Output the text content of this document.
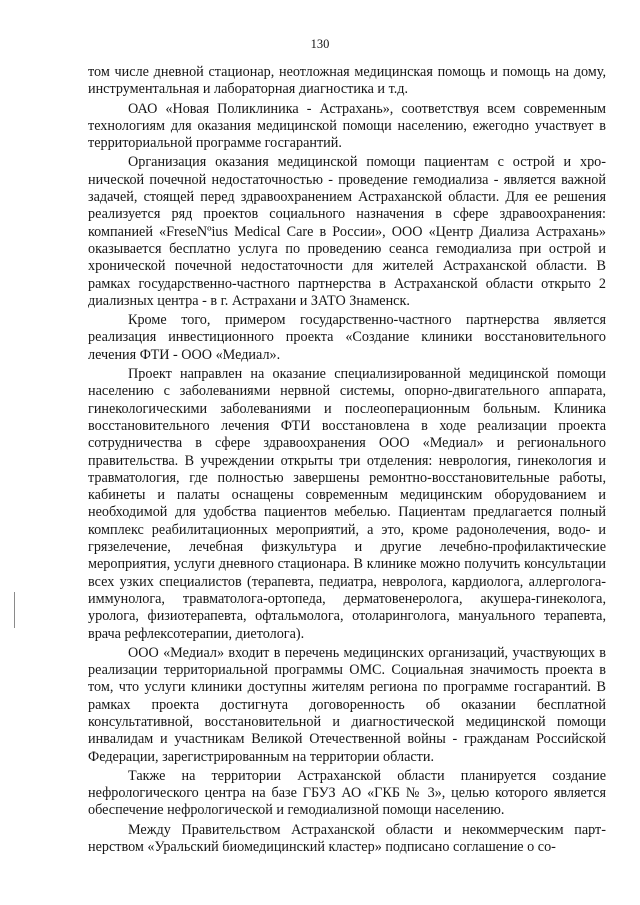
130

том числе дневной стационар, неотложная медицинская помощь и помощь на дому, инструментальная и лабораторная диагностика и т.д.

ОАО «Новая Поликлиника - Астрахань», соответствуя всем современным технологиям для оказания медицинской помощи населению, ежегодно участвует в территориальной программе госгарантий.

Организация оказания медицинской помощи пациентам с острой и хронической почечной недостаточностью - проведение гемодиализа - является важной задачей, стоящей перед здравоохранением Астраханской области. Для ее решения реализуется ряд проектов социального назначения в сфере здравоохранения: компанией «FreseNºius Medical Care в России», ООО «Центр Диализа Астрахань» оказывается бесплатно услуга по проведению сеанса гемодиализа при острой и хронической почечной недостаточности для жителей Астраханской области. В рамках государственно-частного партнерства в Астраханской области открыто 2 диализных центра - в г. Астрахани и ЗАТО Знаменск.

Кроме того, примером государственно-частного партнерства является реализация инвестиционного проекта «Создание клиники восстановительного лечения ФТИ - ООО «Медиал».

Проект направлен на оказание специализированной медицинской помощи населению с заболеваниями нервной системы, опорно-двигательного аппарата, гинекологическими заболеваниями и послеоперационным больным. Клиника восстановительного лечения ФТИ восстановлена в ходе реализации проекта сотрудничества в сфере здравоохранения ООО «Медиал» и регионального правительства. В учреждении открыты три отделения: неврология, гинекология и травматология, где полностью завершены ремонтно-восстановительные работы, кабинеты и палаты оснащены современным медицинским оборудованием и необходимой для удобства пациентов мебелью. Пациентам предлагается полный комплекс реабилитационных мероприятий, а это, кроме радонолечения, водо- и грязелечение, лечебная физкультура и другие лечебно-профилактические мероприятия, услуги дневного стационара. В клинике можно получить консультации всех узких специалистов (терапевта, педиатра, невролога, кардиолога, аллерголога-иммунолога, травматолога-ортопеда, дерматовенеролога, акушера-гинеколога, уролога, физиотерапевта, офтальмолога, отоларинголога, мануального терапевта, врача рефлексотерапии, диетолога).

ООО «Медиал» входит в перечень медицинских организаций, участвующих в реализации территориальной программы ОМС. Социальная значимость проекта в том, что услуги клиники доступны жителям региона по программе госгарантий. В рамках проекта достигнута договоренность об оказании бесплатной консультативной, восстановительной и диагностической медицинской помощи инвалидам и участникам Великой Отечественной войны - гражданам Российской Федерации, зарегистрированным на территории области.

Также на территории Астраханской области планируется создание нефрологического центра на базе ГБУЗ АО «ГКБ № 3», целью которого является обеспечение нефрологической и гемодиализной помощи населению.

Между Правительством Астраханской области и некоммерческим партнерством «Уральский биомедицинский кластер» подписано соглашение о со-
